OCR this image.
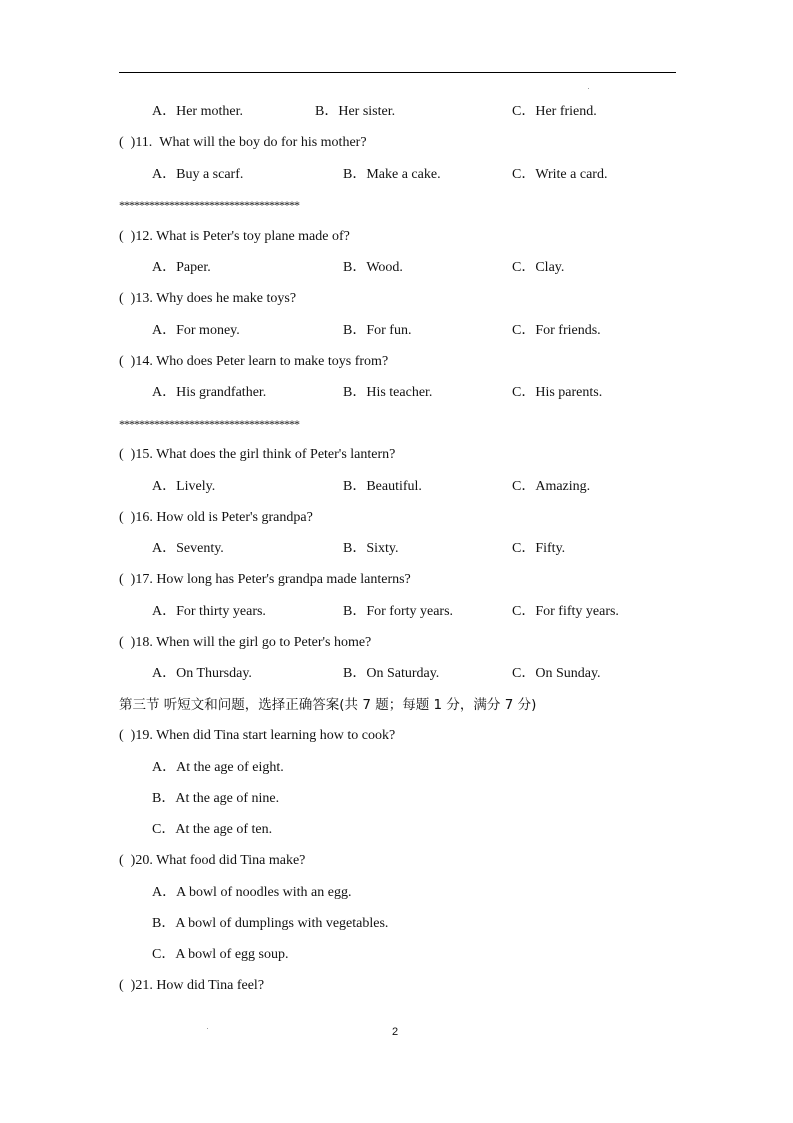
A．Her mother.	B．Her sister.	C．Her friend.
(  )11.  What will the boy do for his mother?
A．Buy a scarf.	B．Make a cake.	C．Write a card.
************************************
(  )12. What is Peter's toy plane made of?
A．Paper.	B．Wood.	C．Clay.
(  )13. Why does he make toys?
A．For money.	B．For fun.	C．For friends.
(  )14. Who does Peter learn to make toys from?
A．His grandfather.	B．His teacher.	C．His parents.
************************************
(  )15. What does the girl think of Peter's lantern?
A．Lively.	B．Beautiful.	C．Amazing.
(  )16. How old is Peter's grandpa?
A．Seventy.	B．Sixty.	C．Fifty.
(  )17. How long has Peter's grandpa made lanterns?
A．For thirty years.	B．For forty years.	C．For fifty years.
(  )18. When will the girl go to Peter's home?
A．On Thursday.	B．On Saturday.	C．On Sunday.
第三节 听短文和问题，选择正确答案(共 7 题；每题 1 分，满分 7 分)
(  )19. When did Tina start learning how to cook?
A．At the age of eight.
B．At the age of nine.
C．At the age of ten.
(  )20. What food did Tina make?
A．A bowl of noodles with an egg.
B．A bowl of dumplings with vegetables.
C．A bowl of egg soup.
(  )21. How did Tina feel?
2
